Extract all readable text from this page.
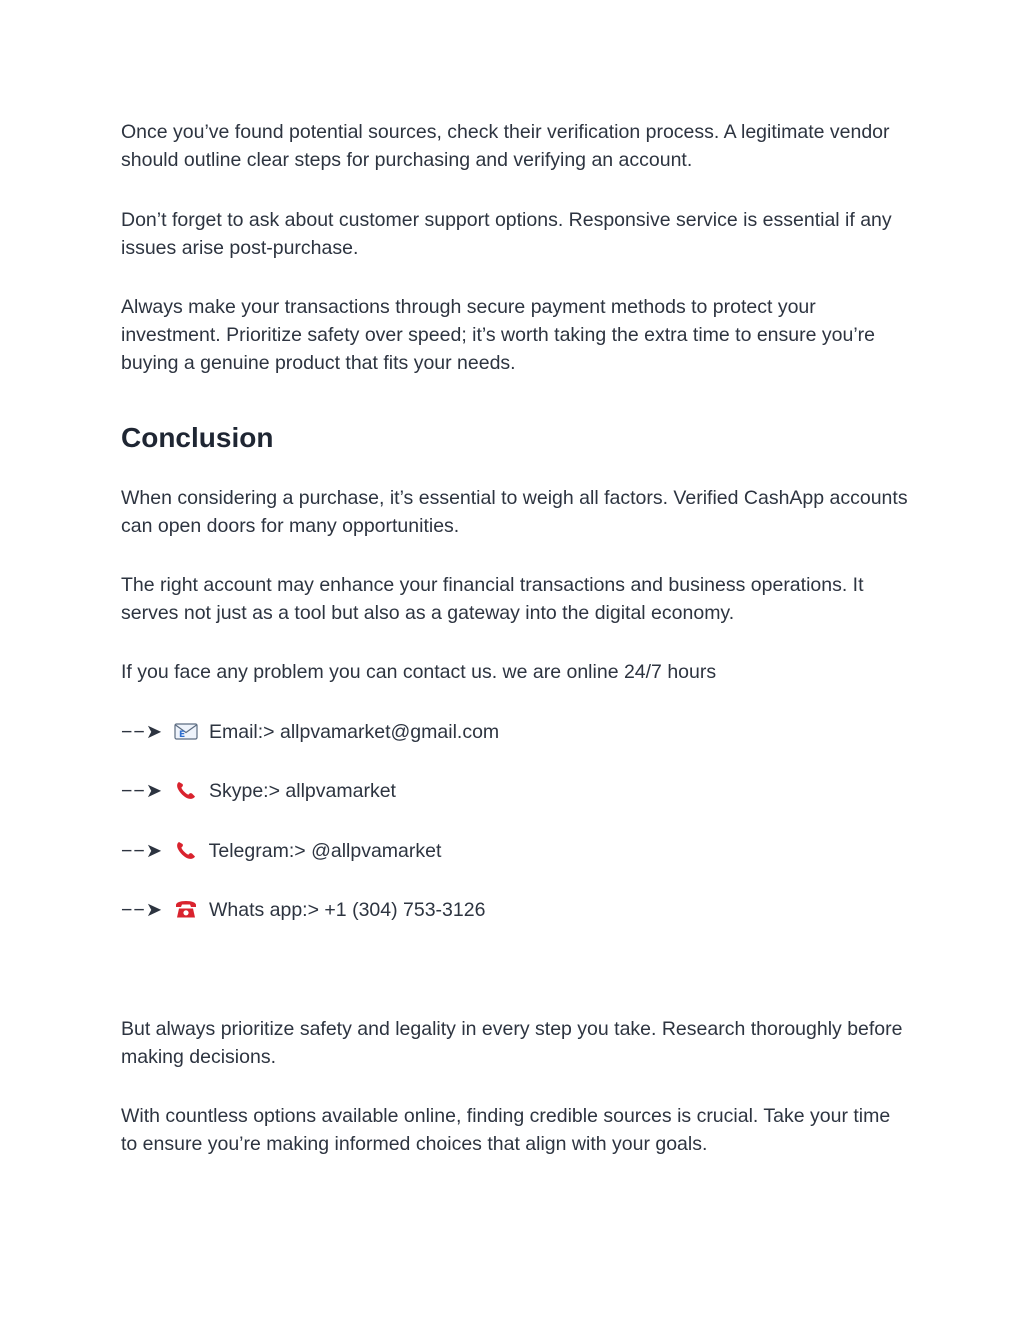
Once you’ve found potential sources, check their verification process. A legitimate vendor should outline clear steps for purchasing and verifying an account.

Don’t forget to ask about customer support options. Responsive service is essential if any issues arise post-purchase.

Always make your transactions through secure payment methods to protect your investment. Prioritize safety over speed; it’s worth taking the extra time to ensure you’re buying a genuine product that fits your needs.

Conclusion

When considering a purchase, it’s essential to weigh all factors. Verified CashApp accounts can open doors for many opportunities.

The right account may enhance your financial transactions and business operations. It serves not just as a tool but also as a gateway into the digital economy.

If you face any problem you can contact us. we are online 24/7 hours

−−➤ E Email:> allpvamarket@gmail.com
−−➤ Skype:> allpvamarket
−−➤ Telegram:> @allpvamarket
−−➤ Whats app:> +1 (304) 753-3126

But always prioritize safety and legality in every step you take. Research thoroughly before making decisions.

With countless options available online, finding credible sources is crucial. Take your time to ensure you’re making informed choices that align with your goals.
